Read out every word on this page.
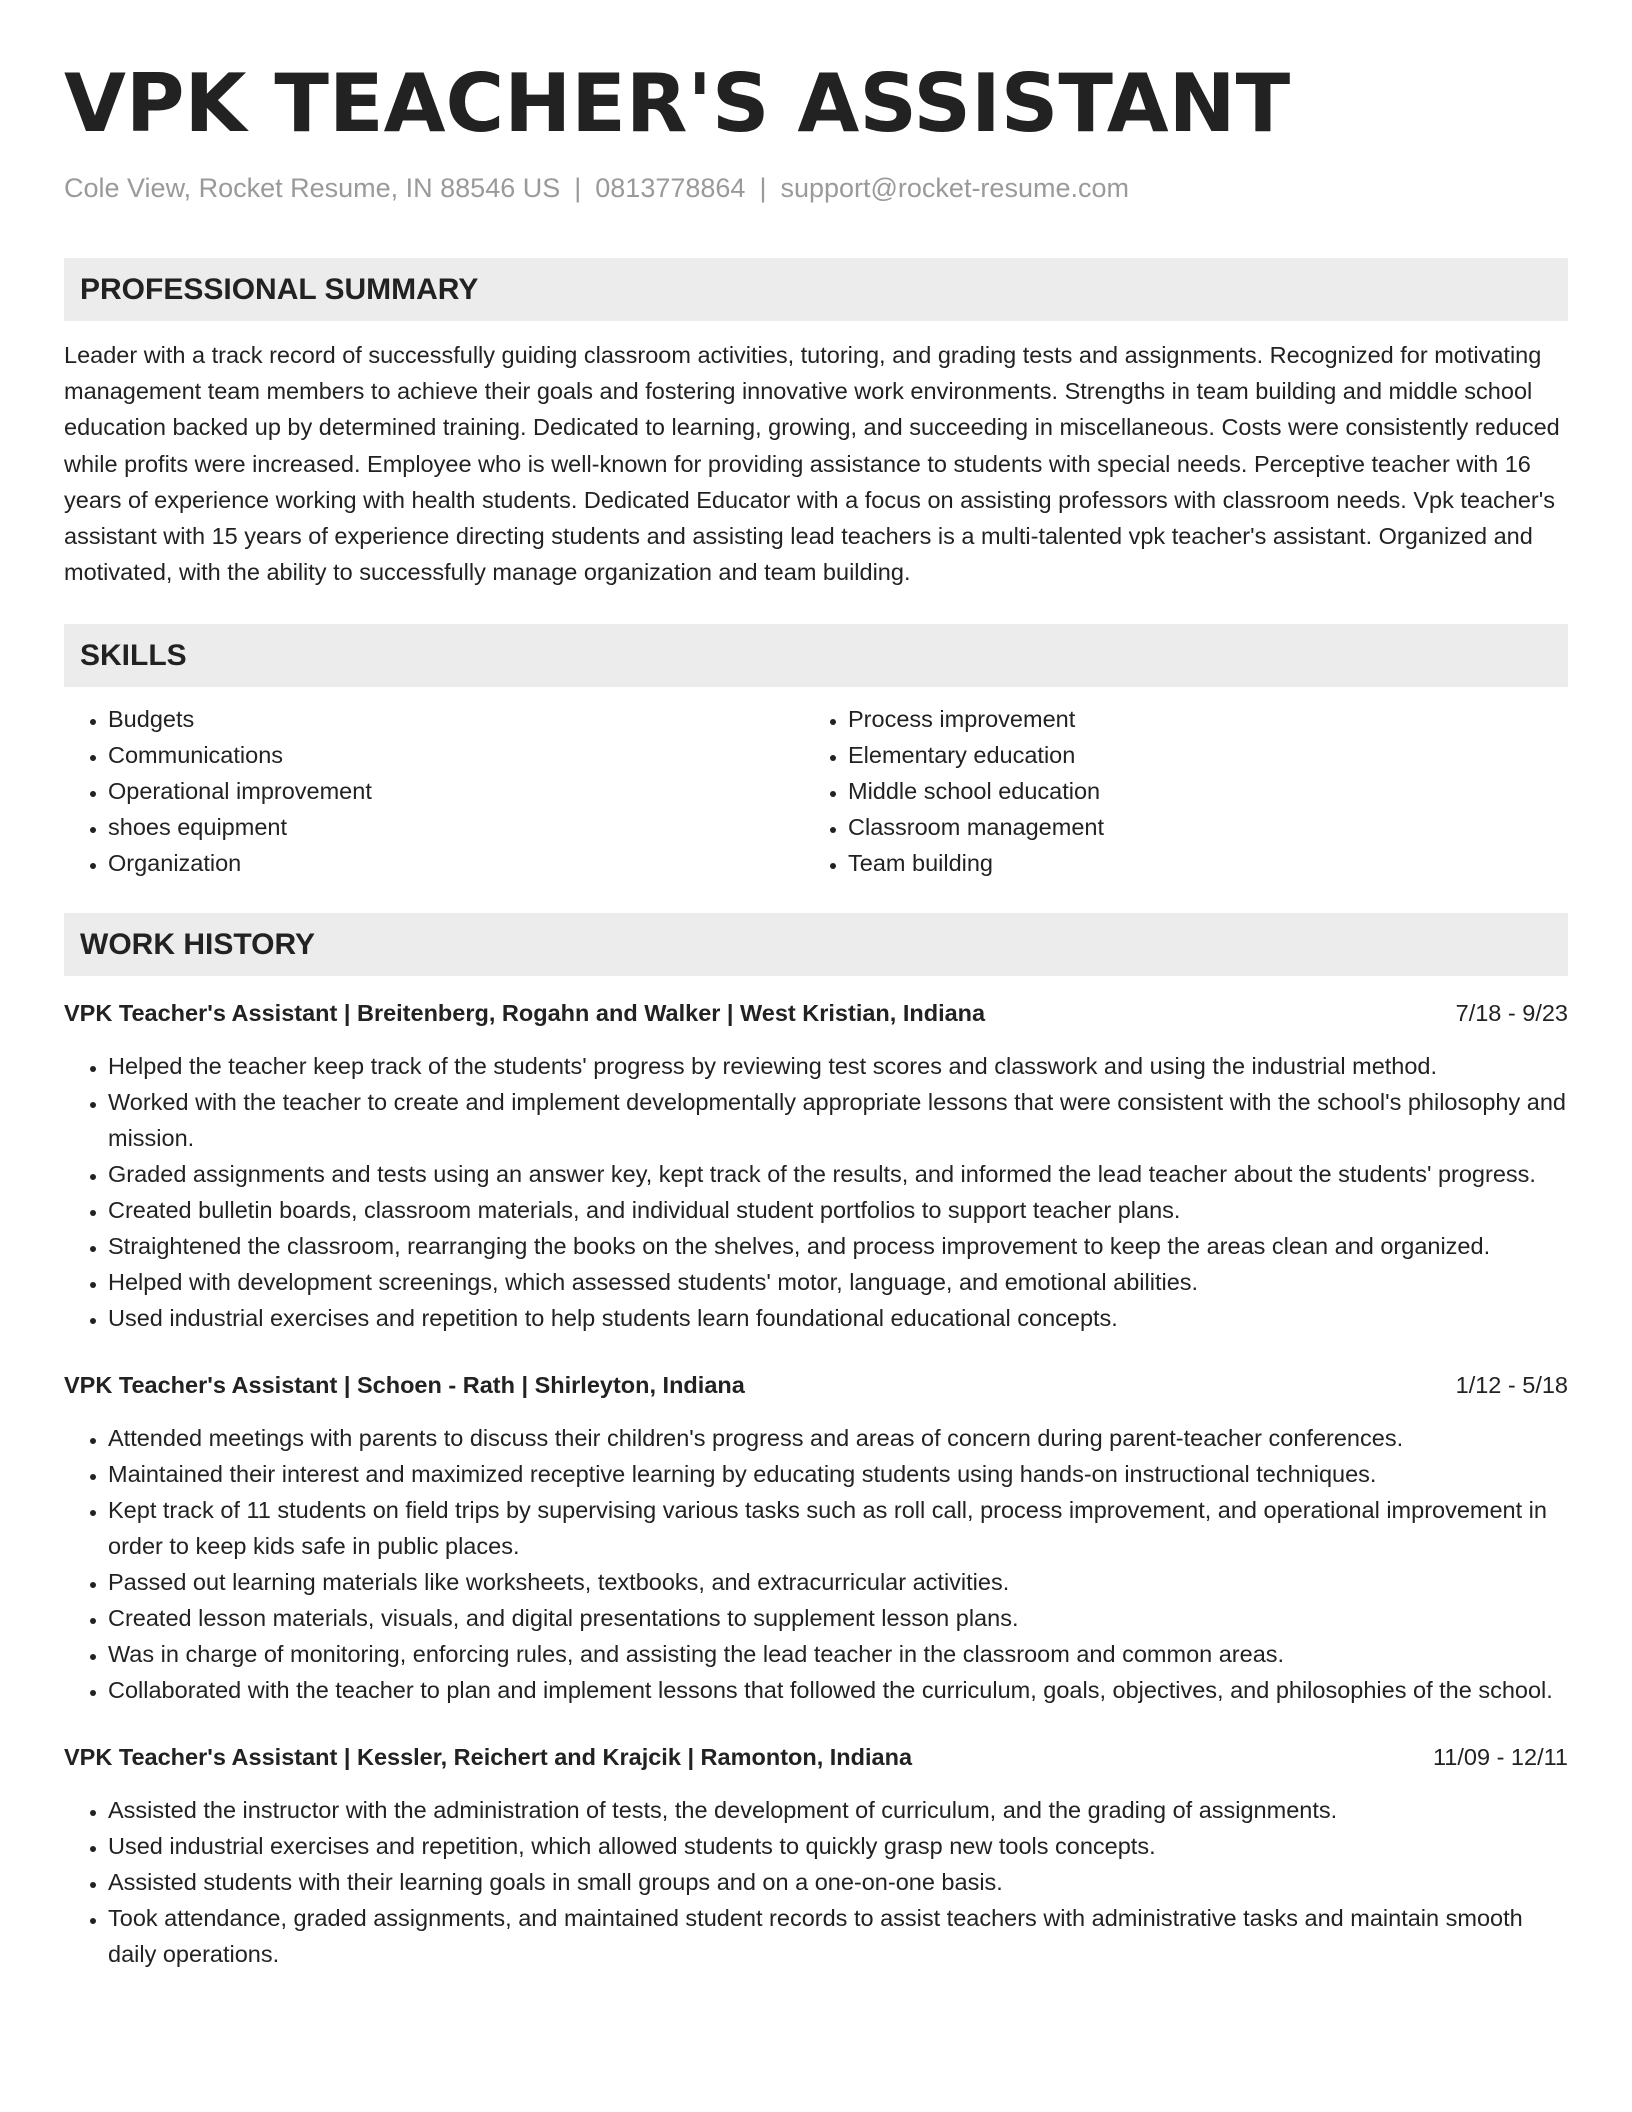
VPK TEACHER'S ASSISTANT
Cole View, Rocket Resume, IN 88546 US | 0813778864 | support@rocket-resume.com
PROFESSIONAL SUMMARY
Leader with a track record of successfully guiding classroom activities, tutoring, and grading tests and assignments. Recognized for motivating management team members to achieve their goals and fostering innovative work environments. Strengths in team building and middle school education backed up by determined training. Dedicated to learning, growing, and succeeding in miscellaneous. Costs were consistently reduced while profits were increased. Employee who is well-known for providing assistance to students with special needs. Perceptive teacher with 16 years of experience working with health students. Dedicated Educator with a focus on assisting professors with classroom needs. Vpk teacher's assistant with 15 years of experience directing students and assisting lead teachers is a multi-talented vpk teacher's assistant. Organized and motivated, with the ability to successfully manage organization and team building.
SKILLS
• Budgets
• Communications
• Operational improvement
• shoes equipment
• Organization
• Process improvement
• Elementary education
• Middle school education
• Classroom management
• Team building
WORK HISTORY
VPK Teacher's Assistant | Breitenberg, Rogahn and Walker | West Kristian, Indiana	7/18 - 9/23
• Helped the teacher keep track of the students' progress by reviewing test scores and classwork and using the industrial method.
• Worked with the teacher to create and implement developmentally appropriate lessons that were consistent with the school's philosophy and mission.
• Graded assignments and tests using an answer key, kept track of the results, and informed the lead teacher about the students' progress.
• Created bulletin boards, classroom materials, and individual student portfolios to support teacher plans.
• Straightened the classroom, rearranging the books on the shelves, and process improvement to keep the areas clean and organized.
• Helped with development screenings, which assessed students' motor, language, and emotional abilities.
• Used industrial exercises and repetition to help students learn foundational educational concepts.
VPK Teacher's Assistant | Schoen - Rath | Shirleyton, Indiana	1/12 - 5/18
• Attended meetings with parents to discuss their children's progress and areas of concern during parent-teacher conferences.
• Maintained their interest and maximized receptive learning by educating students using hands-on instructional techniques.
• Kept track of 11 students on field trips by supervising various tasks such as roll call, process improvement, and operational improvement in order to keep kids safe in public places.
• Passed out learning materials like worksheets, textbooks, and extracurricular activities.
• Created lesson materials, visuals, and digital presentations to supplement lesson plans.
• Was in charge of monitoring, enforcing rules, and assisting the lead teacher in the classroom and common areas.
• Collaborated with the teacher to plan and implement lessons that followed the curriculum, goals, objectives, and philosophies of the school.
VPK Teacher's Assistant | Kessler, Reichert and Krajcik | Ramonton, Indiana	11/09 - 12/11
• Assisted the instructor with the administration of tests, the development of curriculum, and the grading of assignments.
• Used industrial exercises and repetition, which allowed students to quickly grasp new tools concepts.
• Assisted students with their learning goals in small groups and on a one-on-one basis.
• Took attendance, graded assignments, and maintained student records to assist teachers with administrative tasks and maintain smooth daily operations.
